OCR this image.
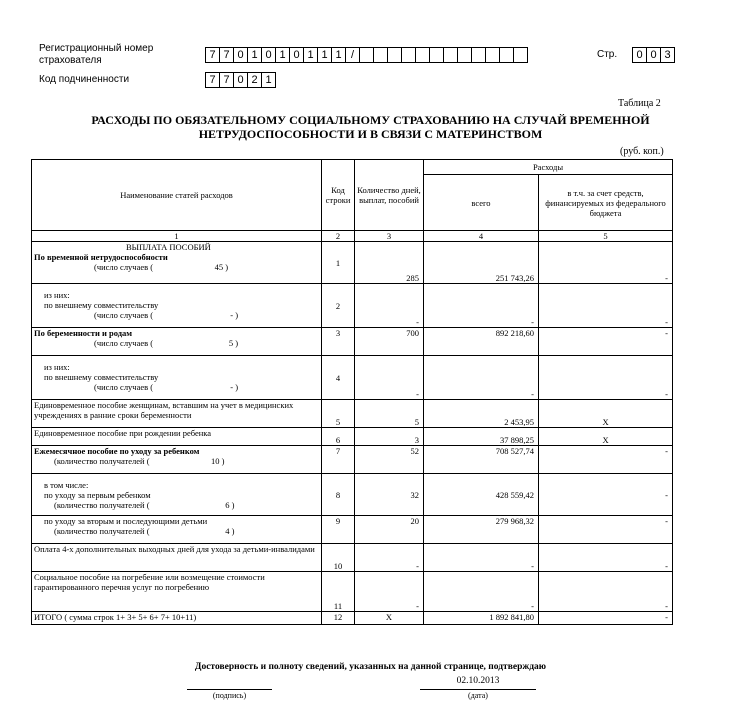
Регистрационный номер страхователя	7 7 0 1 0 1 0 1 1 1 /	Стр.	0 0 3
Код подчиненности	7 7 0 2 1
Таблица 2
РАСХОДЫ ПО ОБЯЗАТЕЛЬНОМУ СОЦИАЛЬНОМУ СТРАХОВАНИЮ НА СЛУЧАЙ ВРЕМЕННОЙ
НЕТРУДОСПОСОБНОСТИ И В СВЯЗИ С МАТЕРИНСТВОМ
(руб. коп.)
Наименование статей расходов	Код строки	Количество дней, выплат, пособий	Расходы	
			всего	в т.ч. за счет средств, финансируемых из федерального бюджета
1	2	3	4	5

ВЫПЛАТА ПОСОБИЙ
По временной нетрудоспособности
(число случаев ( 45 )	1	285	251 743,26	-

из них:
по внешнему совместительству
(число случаев ( - )	2	-	-	-
По беременности и родам
(число случаев ( 5 )	3	700	892 218,60	-

из них:
по внешнему совместительству
(число случаев ( - )	4	-	-	-
Единовременное пособие женщинам, вставшим на учет в медицинских учреждениях в ранние сроки беременности	5	5	2 453,95	X
Единовременное пособие при рождении ребенка	6	3	37 898,25	X
Ежемесячное пособие по уходу за ребенком
(количество получателей ( 10 )	7	52	708 527,74	-

в том числе:
по уходу за первым ребенком
(количество получателей ( 6 )	8	32	428 559,42	-

по уходу за вторым и последующими детьми
(количество получателей ( 4 )	9	20	279 968,32	-
Оплата 4-х дополнительных выходных дней для ухода за детьми-инвалидами	10	-	-	-
Социальное пособие на погребение или возмещение стоимости гарантированного перечня услуг по погребению	11	-	-	-
ИТОГО ( сумма строк 1+ 3+ 5+ 6+ 7+ 10+11)	12	X	1 892 841,80	-
Достоверность и полноту сведений, указанных на данной странице, подтверждаю
02.10.2013
(подпись)	(дата)
